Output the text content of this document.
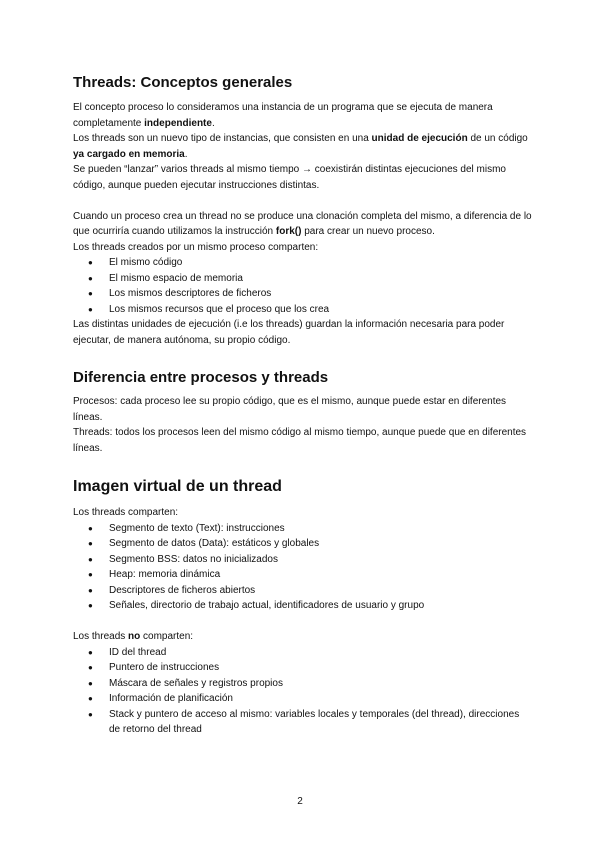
Threads: Conceptos generales

El concepto proceso lo consideramos una instancia de un programa que se ejecuta de manera completamente independiente.

Los threads son un nuevo tipo de instancias, que consisten en una unidad de ejecución de un código ya cargado en memoria.

Se pueden “lanzar” varios threads al mismo tiempo → coexistirán distintas ejecuciones del mismo código, aunque pueden ejecutar instrucciones distintas.

Cuando un proceso crea un thread no se produce una clonación completa del mismo, a diferencia de lo que ocurriría cuando utilizamos la instrucción fork() para crear un nuevo proceso.

Los threads creados por un mismo proceso comparten:

● El mismo código
● El mismo espacio de memoria
● Los mismos descriptores de ficheros
● Los mismos recursos que el proceso que los crea

Las distintas unidades de ejecución (i.e los threads) guardan la información necesaria para poder ejecutar, de manera autónoma, su propio código.

Diferencia entre procesos y threads

Procesos: cada proceso lee su propio código, que es el mismo, aunque puede estar en diferentes líneas.

Threads: todos los procesos leen del mismo código al mismo tiempo, aunque puede que en diferentes líneas.

Imagen virtual de un thread

Los threads comparten:

● Segmento de texto (Text): instrucciones
● Segmento de datos (Data): estáticos y globales
● Segmento BSS: datos no inicializados
● Heap: memoria dinámica
● Descriptores de ficheros abiertos
● Señales, directorio de trabajo actual, identificadores de usuario y grupo

Los threads no comparten:

● ID del thread
● Puntero de instrucciones
● Máscara de señales y registros propios
● Información de planificación
● Stack y puntero de acceso al mismo: variables locales y temporales (del thread), direcciones de retorno del thread
2
